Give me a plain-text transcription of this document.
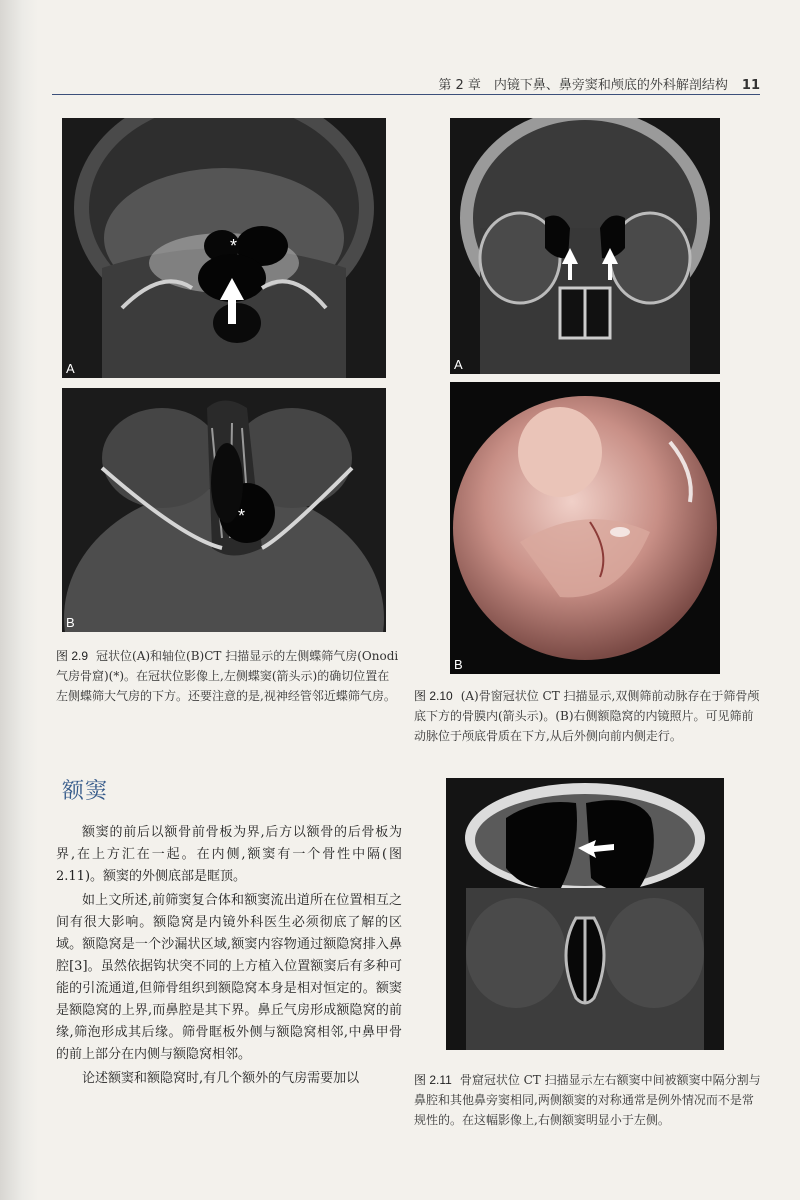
第 2 章　内镜下鼻、鼻旁窦和颅底的外科解剖结构 11
*
A
*
B
A
B
图 2.9 冠状位(A)和轴位(B)CT 扫描显示的左侧蝶筛气房(Onodi 气房骨窟)(*)。在冠状位影像上,左侧蝶窦(箭头示)的确切位置在左侧蝶筛大气房的下方。还要注意的是,视神经管邻近蝶筛气房。	图 2.10 (A)骨窗冠状位 CT 扫描显示,双侧筛前动脉存在于筛骨颅底下方的骨膜内(箭头示)。(B)右侧额隐窝的内镜照片。可见筛前动脉位于颅底骨质在下方,从后外侧向前内侧走行。
图 2.11 骨窟冠状位 CT 扫描显示左右额窦中间被额窦中隔分割与鼻腔和其他鼻旁窦相同,两侧额窦的对称通常是例外情况而不是常规性的。在这幅影像上,右侧额窦明显小于左侧。
额窦

额窦的前后以额骨前骨板为界,后方以额骨的后骨板为界,在上方汇在一起。在内侧,额窦有一个骨性中隔(图 2.11)。额窦的外侧底部是眶顶。

如上文所述,前筛窦复合体和额窦流出道所在位置相互之间有很大影响。额隐窝是内镜外科医生必须彻底了解的区域。额隐窝是一个沙漏状区域,额窦内容物通过额隐窝排入鼻腔[3]。虽然依据钩状突不同的上方植入位置额窦后有多种可能的引流通道,但筛骨组织到额隐窝本身是相对恒定的。额窦是额隐窝的上界,而鼻腔是其下界。鼻丘气房形成额隐窝的前缘,筛泡形成其后缘。筛骨眶板外侧与额隐窝相邻,中鼻甲骨的前上部分在内侧与额隐窝相邻。

论述额窦和额隐窝时,有几个额外的气房需要加以
